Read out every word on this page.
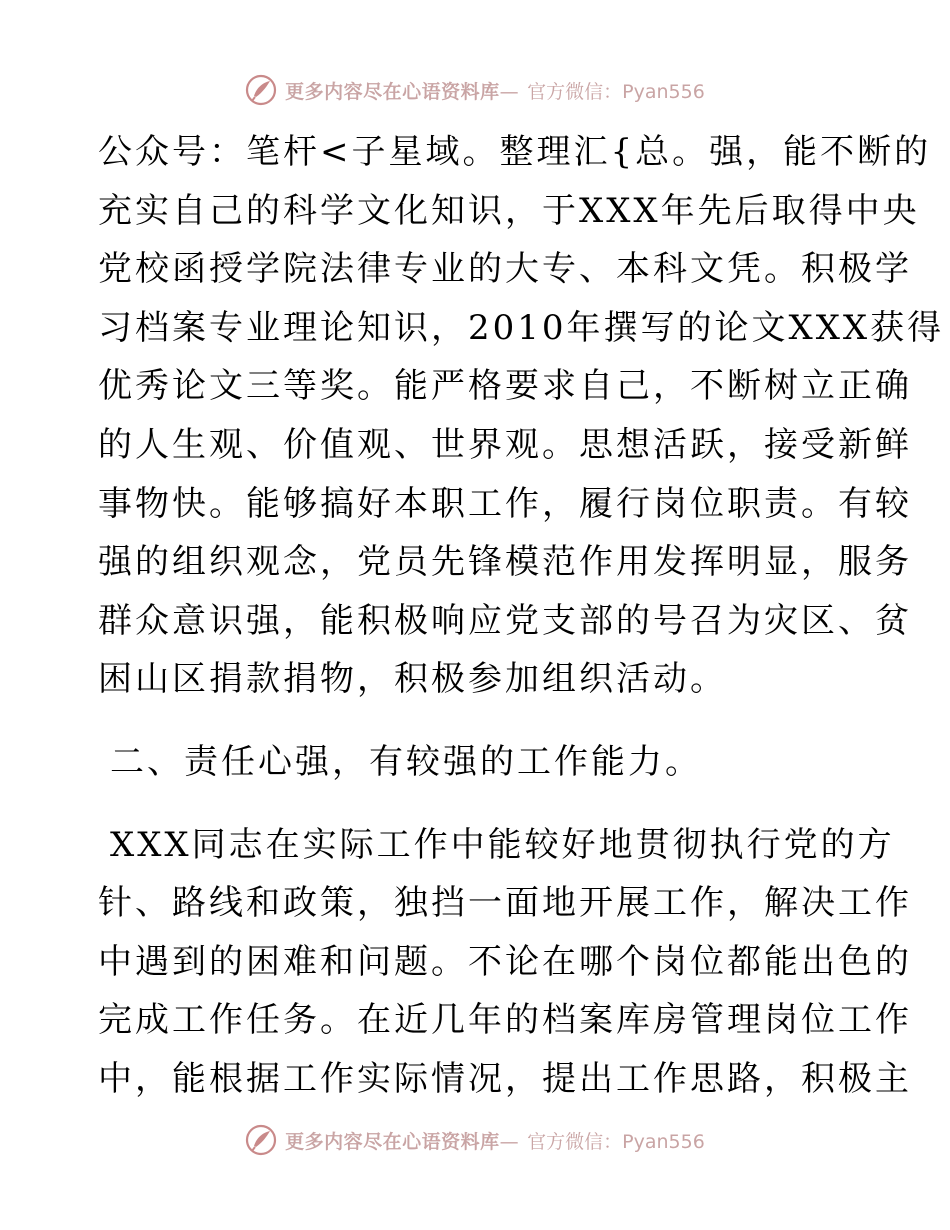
更多内容尽在心语资料库— 官方微信：Pyan556
公众号：笔杆<子星域。整理汇{总。强，能不断的
充实自己的科学文化知识，于XXX年先后取得中央
党校函授学院法律专业的大专、本科文凭。积极学
习档案专业理论知识，2010年撰写的论文XXX获得
优秀论文三等奖。能严格要求自己，不断树立正确
的人生观、价值观、世界观。思想活跃，接受新鲜
事物快。能够搞好本职工作，履行岗位职责。有较
强的组织观念，党员先锋模范作用发挥明显，服务
群众意识强，能积极响应党支部的号召为灾区、贫
困山区捐款捐物，积极参加组织活动。
二、责任心强，有较强的工作能力。
XXX同志在实际工作中能较好地贯彻执行党的方
针、路线和政策，独挡一面地开展工作，解决工作
中遇到的困难和问题。不论在哪个岗位都能出色的
完成工作任务。在近几年的档案库房管理岗位工作
中，能根据工作实际情况，提出工作思路，积极主
更多内容尽在心语资料库— 官方微信：Pyan556
